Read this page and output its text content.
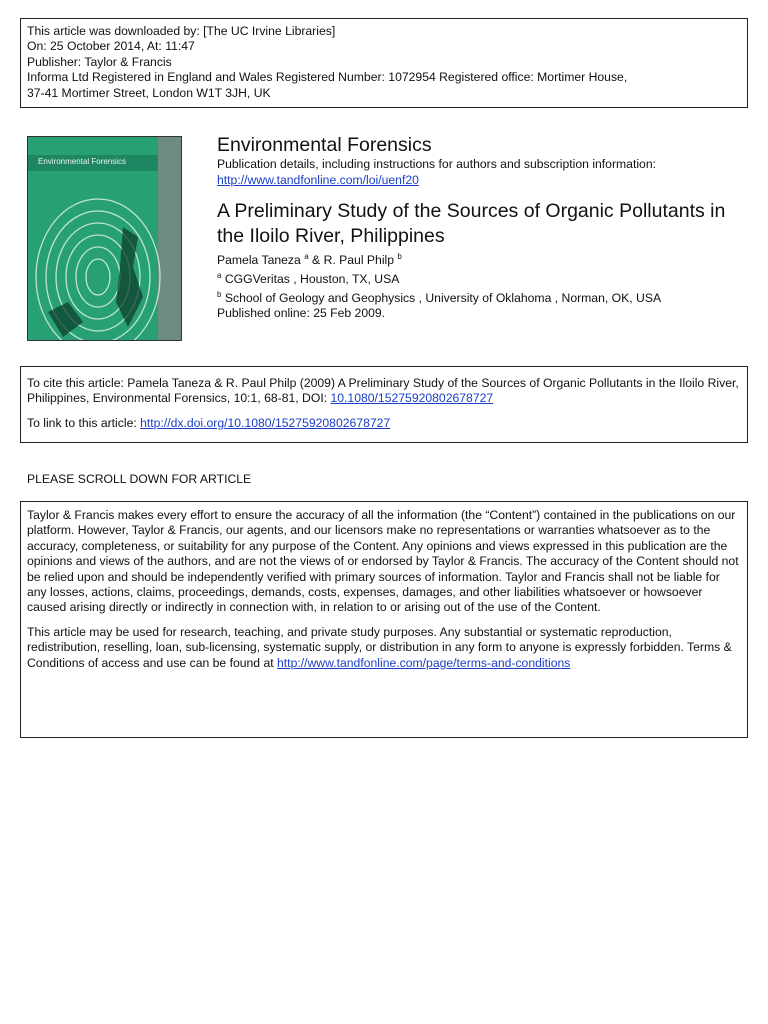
This article was downloaded by: [The UC Irvine Libraries]
On: 25 October 2014, At: 11:47
Publisher: Taylor & Francis
Informa Ltd Registered in England and Wales Registered Number: 1072954 Registered office: Mortimer House,
37-41 Mortimer Street, London W1T 3JH, UK
Environmental Forensics
Environmental Forensics
Publication details, including instructions for authors and subscription information:
http://www.tandfonline.com/loi/uenf20
A Preliminary Study of the Sources of Organic Pollutants in the Iloilo River, Philippines
Pamela Taneza $^a$ & R. Paul Philp $^b$
$^a$ CGGVeritas , Houston, TX, USA
$^b$ School of Geology and Geophysics , University of Oklahoma , Norman, OK, USA
Published online: 25 Feb 2009.

To cite this article: Pamela Taneza & R. Paul Philp (2009) A Preliminary Study of the Sources of Organic Pollutants in the Iloilo River, Philippines, Environmental Forensics, 10:1, 68-81, DOI: 10.1080/15275920802678727

To link to this article: http://dx.doi.org/10.1080/15275920802678727

PLEASE SCROLL DOWN FOR ARTICLE

Taylor & Francis makes every effort to ensure the accuracy of all the information (the “Content”) contained in the publications on our platform. However, Taylor & Francis, our agents, and our licensors make no representations or warranties whatsoever as to the accuracy, completeness, or suitability for any purpose of the Content. Any opinions and views expressed in this publication are the opinions and views of the authors, and are not the views of or endorsed by Taylor & Francis. The accuracy of the Content should not be relied upon and should be independently verified with primary sources of information. Taylor and Francis shall not be liable for any losses, actions, claims, proceedings, demands, costs, expenses, damages, and other liabilities whatsoever or howsoever caused arising directly or indirectly in connection with, in relation to or arising out of the use of the Content.

This article may be used for research, teaching, and private study purposes. Any substantial or systematic reproduction, redistribution, reselling, loan, sub-licensing, systematic supply, or distribution in any form to anyone is expressly forbidden. Terms & Conditions of access and use can be found at http://www.tandfonline.com/page/terms-and-conditions
